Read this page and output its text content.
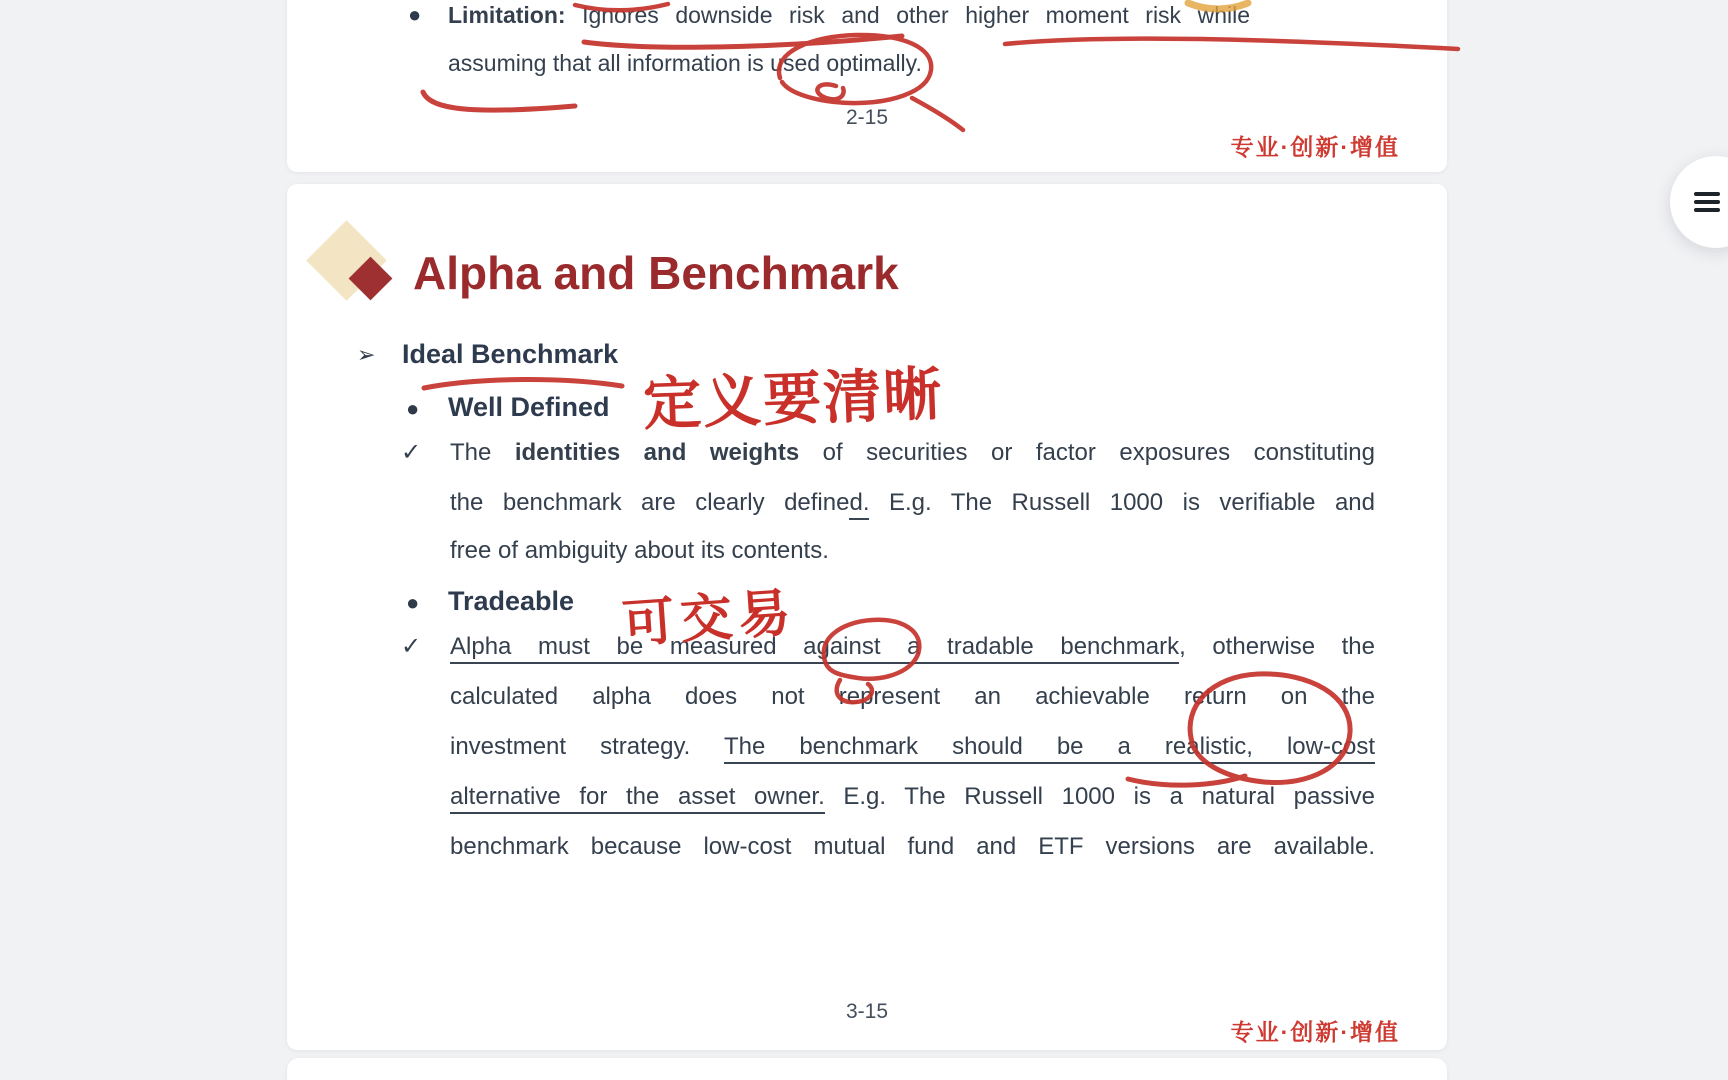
● Limitation: Ignores downside risk and other higher moment risk while
assuming that all information is used optimally.
2-15
专业·创新·增值
Alpha and Benchmark
➢ Ideal Benchmark
● Well Defined
✓ The identities and weights of securities or factor exposures constituting
the benchmark are clearly defined. E.g. The Russell 1000 is verifiable and
free of ambiguity about its contents.
● Tradeable
✓ Alpha must be measured against a tradable benchmark, otherwise the
calculated alpha does not represent an achievable return on the
investment strategy. The benchmark should be a realistic, low-cost
alternative for the asset owner. E.g. The Russell 1000 is a natural passive
benchmark because low-cost mutual fund and ETF versions are available.
3-15
专业·创新·增值
定义要清晰
可交易
